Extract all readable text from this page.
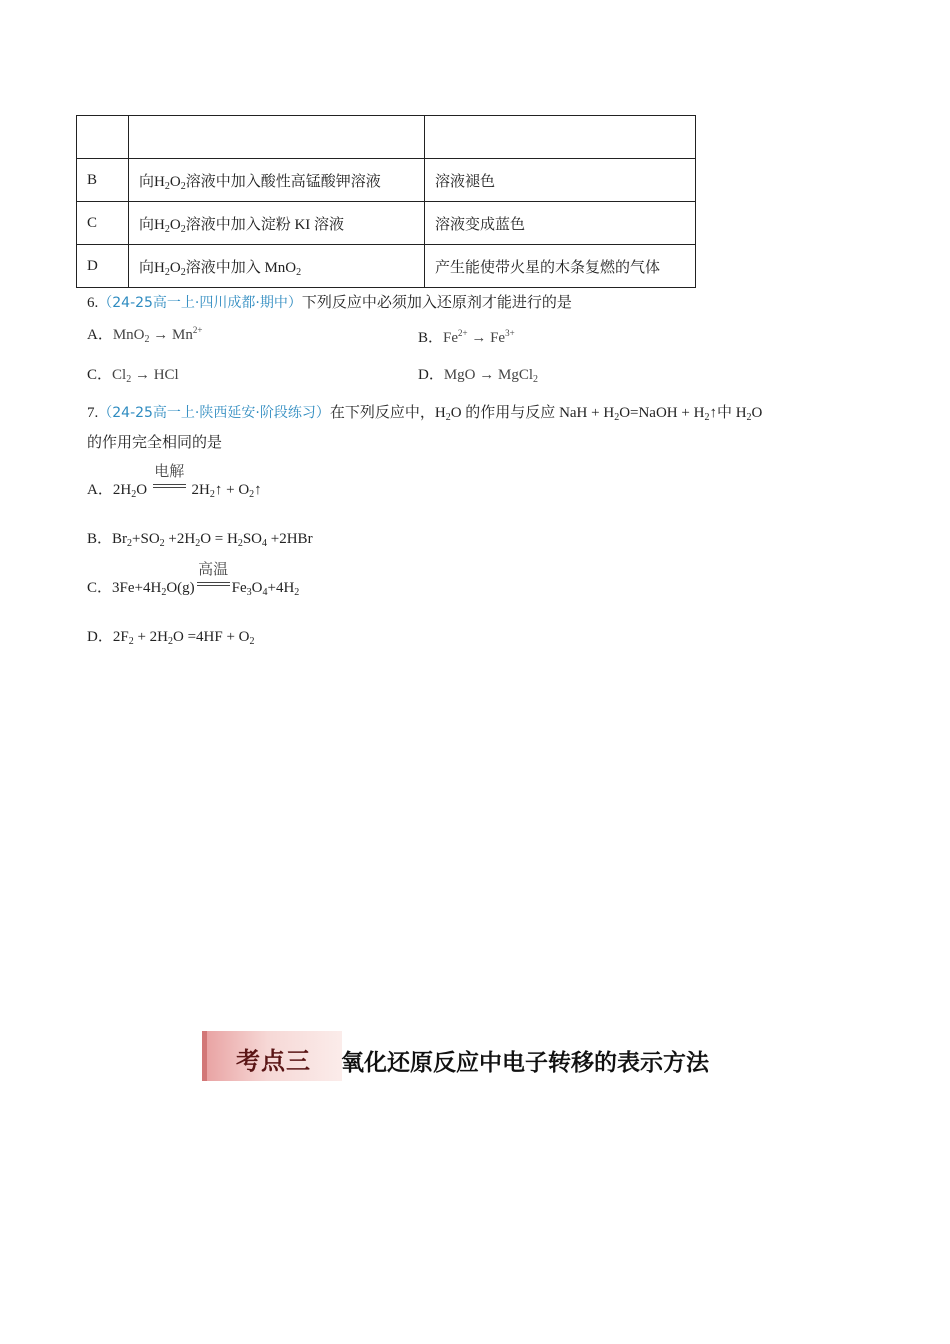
B	向$H_2O_2$溶液中加入酸性高锰酸钾溶液	溶液褪色
C	向$H_2O_2$溶液中加入淀粉 KI 溶液	溶液变成蓝色
D	向$H_2O_2$溶液中加入 MnO$_2$	产生能使带火星的木条复燃的气体
6.（24-25高一上·四川成都·期中）下列反应中必须加入还原剂才能进行的是
A．$MnO_2 \to Mn^{2+}$	B．$Fe^{2+} \to Fe^{3+}$
C．$Cl_2$ → HCl	D．MgO → MgCl$_2$
7.（24-25高一上·陕西延安·阶段练习）在下列反应中，$H_2O$ 的作用与反应 NaH + $H_2O=NaOH$ + $H_2↑$中 $H_2O$
的作用完全相同的是
A．$2H_2O$
电解
$2H_2↑$ + $O_2↑$
B．$Br_2+SO_2 +2H_2O = H_2SO_4 +2HBr$
C．$3Fe+4H_2O(g)$
高温
$Fe_3O_4+4H_2$
D．$2F_2 + 2H_2O =4HF + O_2$
考点三 氧化还原反应中电子转移的表示方法
